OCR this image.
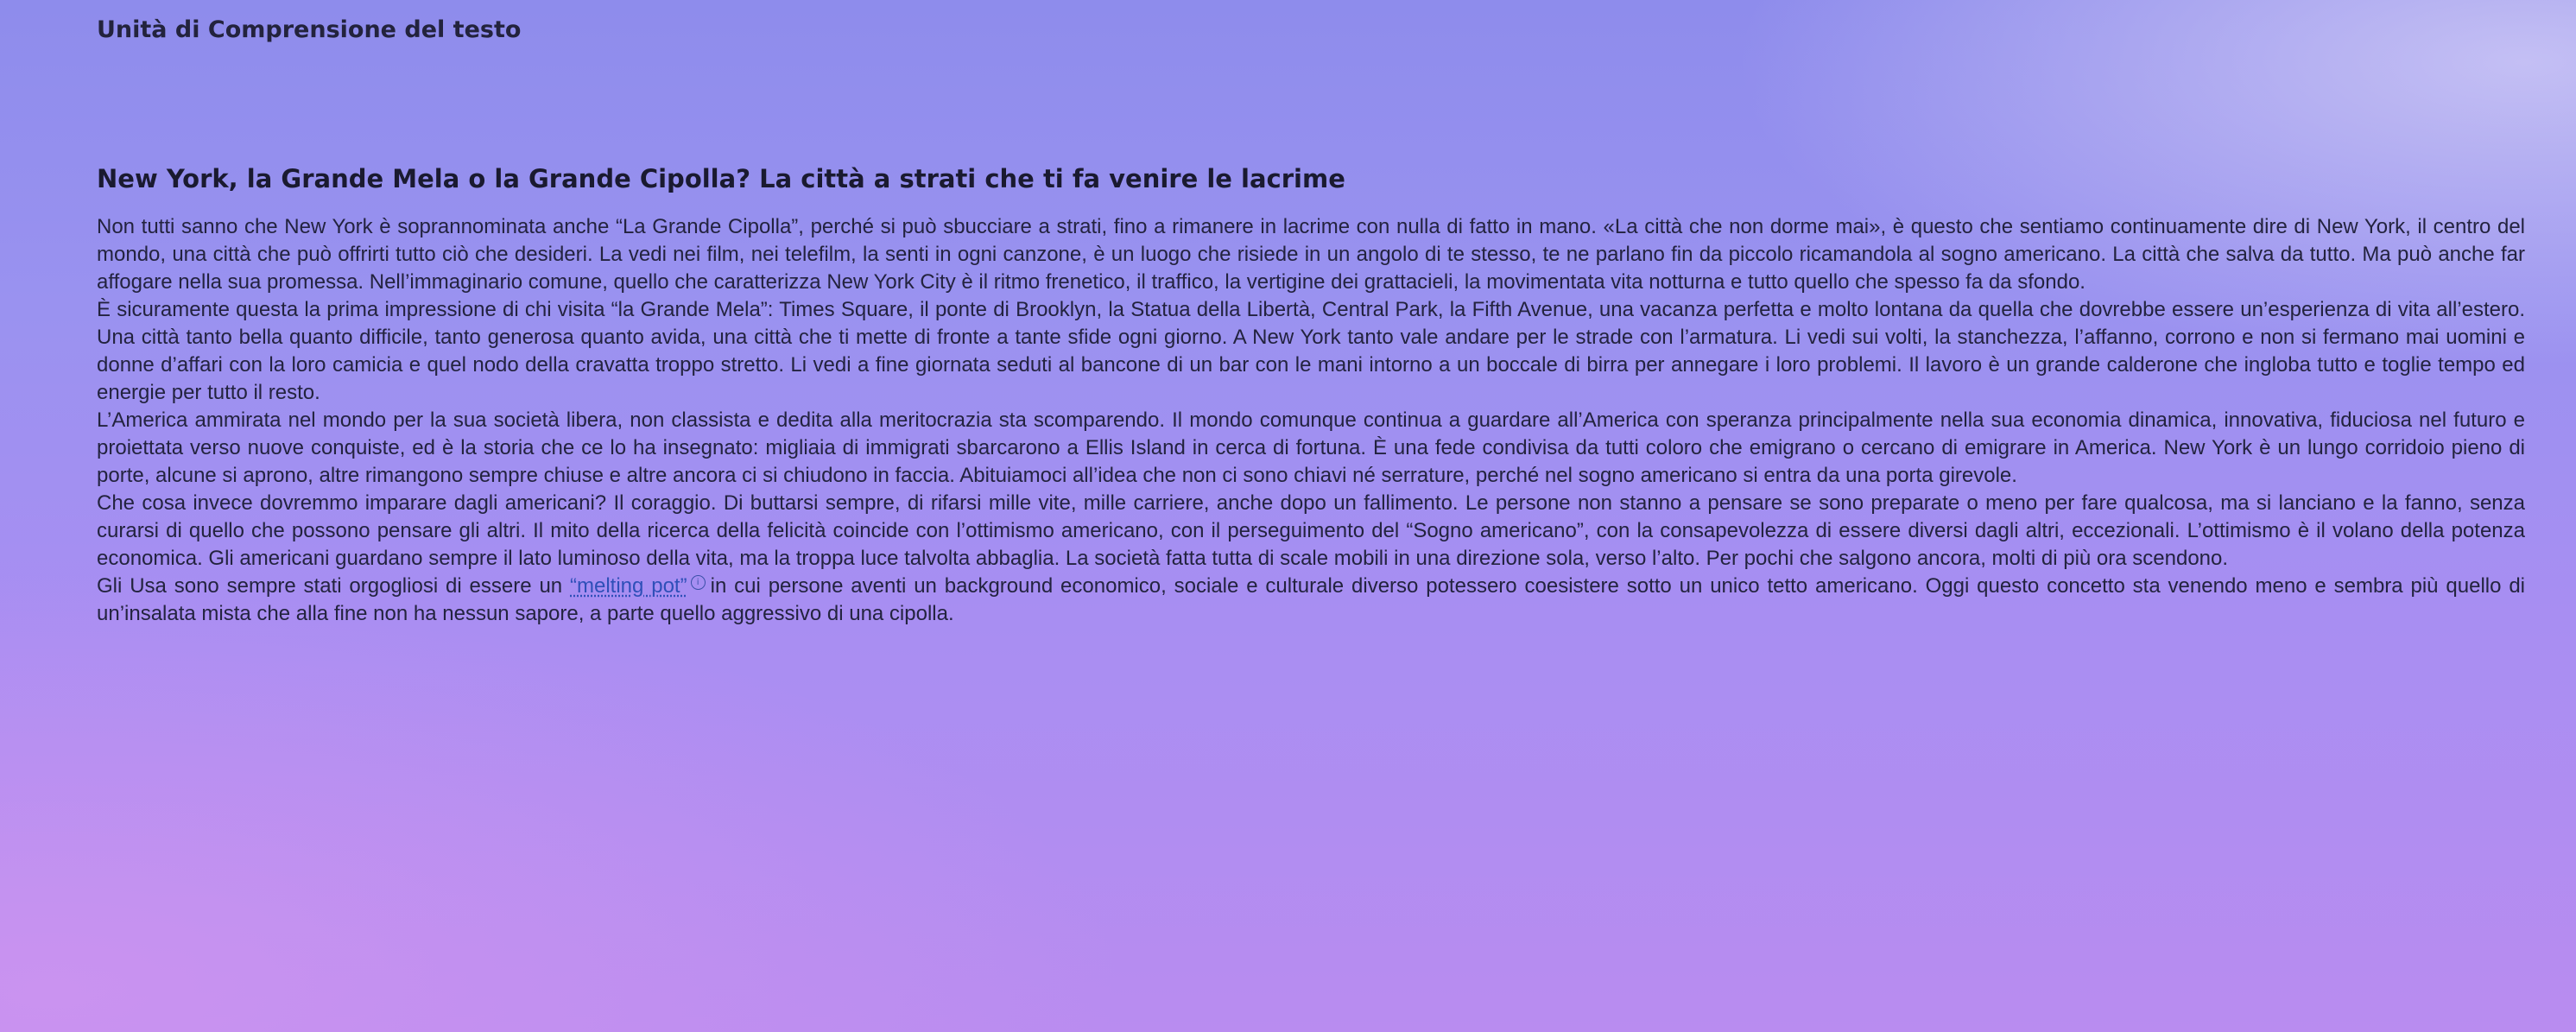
Unità di Comprensione del testo
New York, la Grande Mela o la Grande Cipolla? La città a strati che ti fa venire le lacrime

Non tutti sanno che New York è soprannominata anche “La Grande Cipolla”, perché si può sbucciare a strati, fino a rimanere in lacrime con nulla di fatto in mano. «La città che non dorme mai», è questo che sentiamo continuamente dire di New York, il centro del mondo, una città che può offrirti tutto ciò che desideri. La vedi nei film, nei telefilm, la senti in ogni canzone, è un luogo che risiede in un angolo di te stesso, te ne parlano fin da piccolo ricamandola al sogno americano. La città che salva da tutto. Ma può anche far affogare nella sua promessa. Nell’immaginario comune, quello che caratterizza New York City è il ritmo frenetico, il traffico, la vertigine dei grattacieli, la movimentata vita notturna e tutto quello che spesso fa da sfondo.

È sicuramente questa la prima impressione di chi visita “la Grande Mela”: Times Square, il ponte di Brooklyn, la Statua della Libertà, Central Park, la Fifth Avenue, una vacanza perfetta e molto lontana da quella che dovrebbe essere un’esperienza di vita all’estero. Una città tanto bella quanto difficile, tanto generosa quanto avida, una città che ti mette di fronte a tante sfide ogni giorno. A New York tanto vale andare per le strade con l’armatura. Li vedi sui volti, la stanchezza, l’affanno, corrono e non si fermano mai uomini e donne d’affari con la loro camicia e quel nodo della cravatta troppo stretto. Li vedi a fine giornata seduti al bancone di un bar con le mani intorno a un boccale di birra per annegare i loro problemi. Il lavoro è un grande calderone che ingloba tutto e toglie tempo ed energie per tutto il resto.

L’America ammirata nel mondo per la sua società libera, non classista e dedita alla meritocrazia sta scomparendo. Il mondo comunque continua a guardare all’America con speranza principalmente nella sua economia dinamica, innovativa, fiduciosa nel futuro e proiettata verso nuove conquiste, ed è la storia che ce lo ha insegnato: migliaia di immigrati sbarcarono a Ellis Island in cerca di fortuna. È una fede condivisa da tutti coloro che emigrano o cercano di emigrare in America. New York è un lungo corridoio pieno di porte, alcune si aprono, altre rimangono sempre chiuse e altre ancora ci si chiudono in faccia. Abituiamoci all’idea che non ci sono chiavi né serrature, perché nel sogno americano si entra da una porta girevole.

Che cosa invece dovremmo imparare dagli americani? Il coraggio. Di buttarsi sempre, di rifarsi mille vite, mille carriere, anche dopo un fallimento. Le persone non stanno a pensare se sono preparate o meno per fare qualcosa, ma si lanciano e la fanno, senza curarsi di quello che possono pensare gli altri. Il mito della ricerca della felicità coincide con l’ottimismo americano, con il perseguimento del “Sogno americano”, con la consapevolezza di essere diversi dagli altri, eccezionali. L’ottimismo è il volano della potenza economica. Gli americani guardano sempre il lato luminoso della vita, ma la troppa luce talvolta abbaglia. La società fatta tutta di scale mobili in una direzione sola, verso l’alto. Per pochi che salgono ancora, molti di più ora scendono.

Gli Usa sono sempre stati orgogliosi di essere un “melting pot” i in cui persone aventi un background economico, sociale e culturale diverso potessero coesistere sotto un unico tetto americano. Oggi questo concetto sta venendo meno e sembra più quello di un’insalata mista che alla fine non ha nessun sapore, a parte quello aggressivo di una cipolla.
